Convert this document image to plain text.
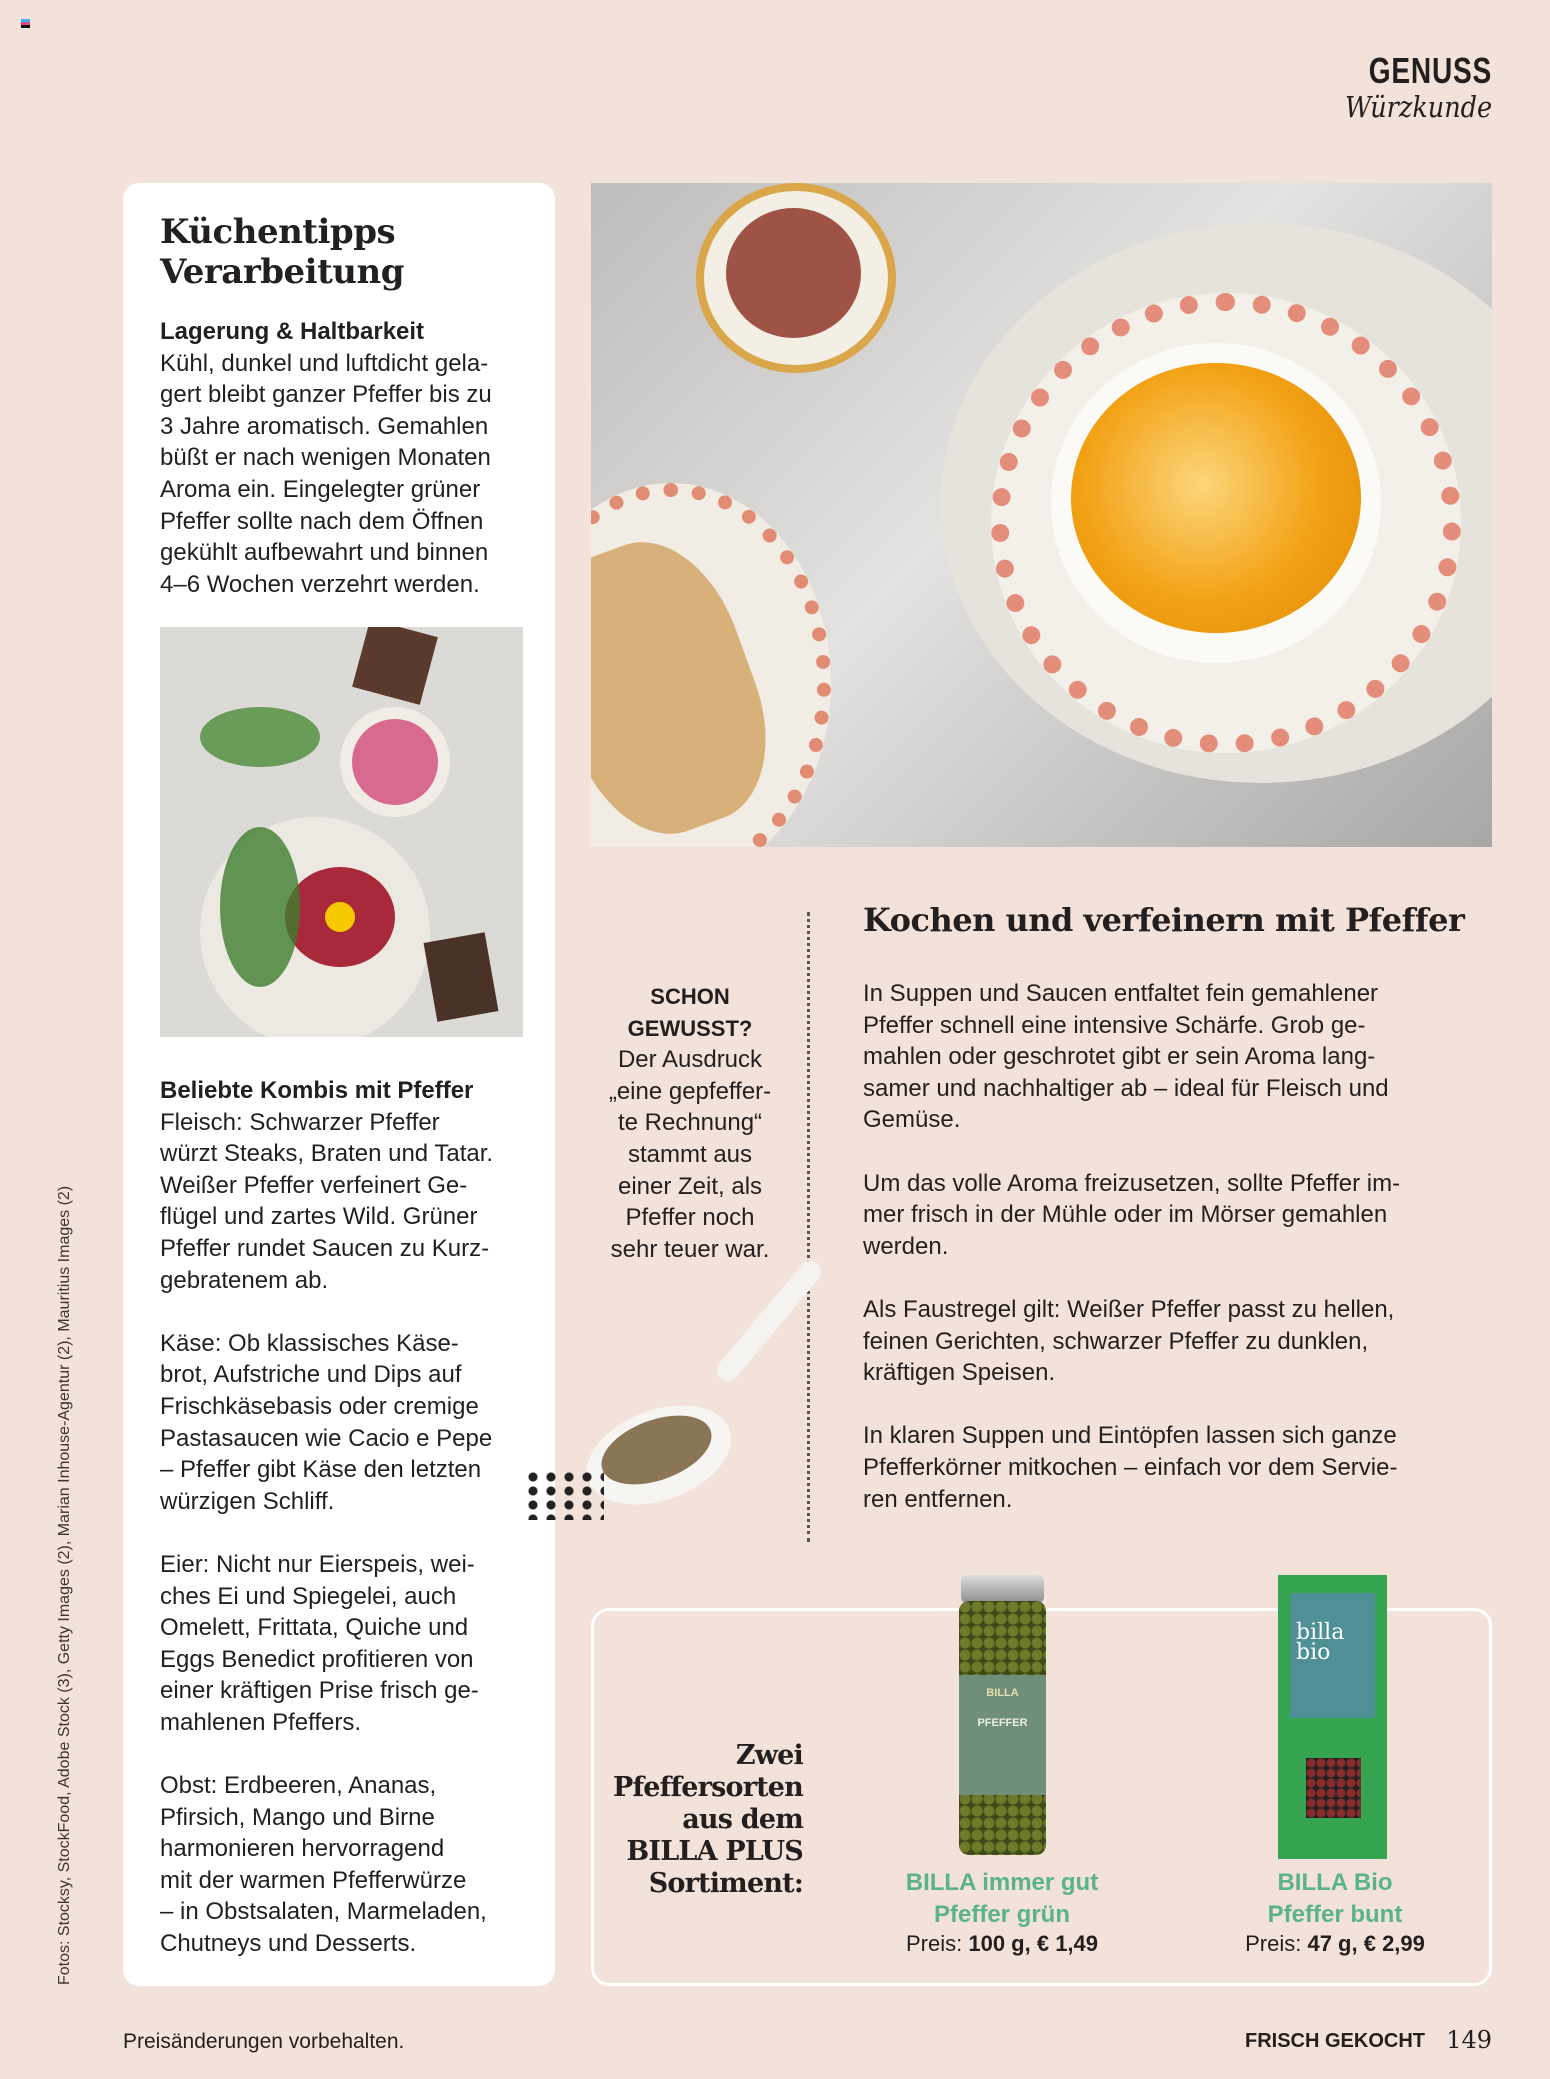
GENUSS
Würzkunde
Küchentipps
Verarbeitung
Lagerung & Haltbarkeit
Kühl, dunkel und luftdicht gela-
gert bleibt ganzer Pfeffer bis zu
3 Jahre aromatisch. Gemahlen
büßt er nach wenigen Monaten
Aroma ein. Eingelegter grüner
Pfeffer sollte nach dem Öffnen
gekühlt aufbewahrt und binnen
4–6 Wochen verzehrt werden.
Beliebte Kombis mit Pfeffer
Fleisch: Schwarzer Pfeffer
würzt Steaks, Braten und Tatar.
Weißer Pfeffer verfeinert Ge-
flügel und zartes Wild. Grüner
Pfeffer rundet Saucen zu Kurz-
gebratenem ab.
Käse: Ob klassisches Käse-
brot, Aufstriche und Dips auf
Frischkäsebasis oder cremige
Pastasaucen wie Cacio e Pepe
– Pfeffer gibt Käse den letzten
würzigen Schliff.
Eier: Nicht nur Eierspeis, wei-
ches Ei und Spiegelei, auch
Omelett, Frittata, Quiche und
Eggs Benedict profitieren von
einer kräftigen Prise frisch ge-
mahlenen Pfeffers.
Obst: Erdbeeren, Ananas,
Pfirsich, Mango und Birne
harmonieren hervorragend
mit der warmen Pfefferwürze
– in Obstsalaten, Marmeladen,
Chutneys und Desserts.
SCHON
GEWUSST?
Der Ausdruck
„eine gepfeffer-
te Rechnung“
stammt aus
einer Zeit, als
Pfeffer noch
sehr teuer war.
Kochen und verfeinern mit Pfeffer
In Suppen und Saucen entfaltet fein gemahlener
Pfeffer schnell eine intensive Schärfe. Grob ge-
mahlen oder geschrotet gibt er sein Aroma lang-
samer und nachhaltiger ab – ideal für Fleisch und
Gemüse.
Um das volle Aroma freizusetzen, sollte Pfeffer im-
mer frisch in der Mühle oder im Mörser gemahlen
werden.
Als Faustregel gilt: Weißer Pfeffer passt zu hellen,
feinen Gerichten, schwarzer Pfeffer zu dunklen,
kräftigen Speisen.
In klaren Suppen und Eintöpfen lassen sich ganze
Pfefferkörner mitkochen – einfach vor dem Servie-
ren entfernen.
Zwei
Pfeffersorten
aus dem
BILLA PLUS
Sortiment:
BILLA
PFEFFER
billa
bio
BILLA immer gut
Pfeffer grün
Preis: 100 g, € 1,49
BILLA Bio
Pfeffer bunt
Preis: 47 g, € 2,99
Fotos: Stocksy, StockFood, Adobe Stock (3), Getty Images (2), Marian Inhouse-Agentur (2), Mauritius Images (2)
Preisänderungen vorbehalten.	FRISCH GEKOCHT 149
